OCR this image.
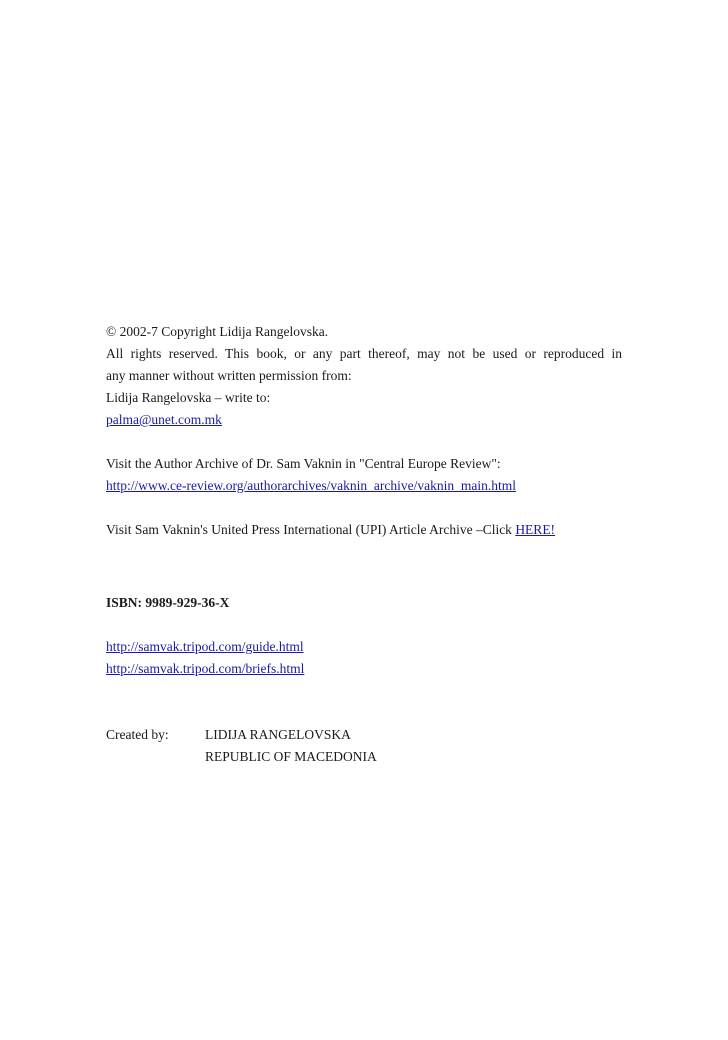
© 2002-7 Copyright Lidija Rangelovska.
All rights reserved. This book, or any part thereof, may not be used or reproduced in
any manner without written permission from:
Lidija Rangelovska – write to:
palma@unet.com.mk
Visit the Author Archive of Dr. Sam Vaknin in "Central Europe Review":
http://www.ce-review.org/authorarchives/vaknin_archive/vaknin_main.html
Visit Sam Vaknin's United Press International (UPI) Article Archive –Click HERE!
ISBN: 9989-929-36-X
http://samvak.tripod.com/guide.html
http://samvak.tripod.com/briefs.html
Created by:	LIDIJA RANGELOVSKA
REPUBLIC OF MACEDONIA
